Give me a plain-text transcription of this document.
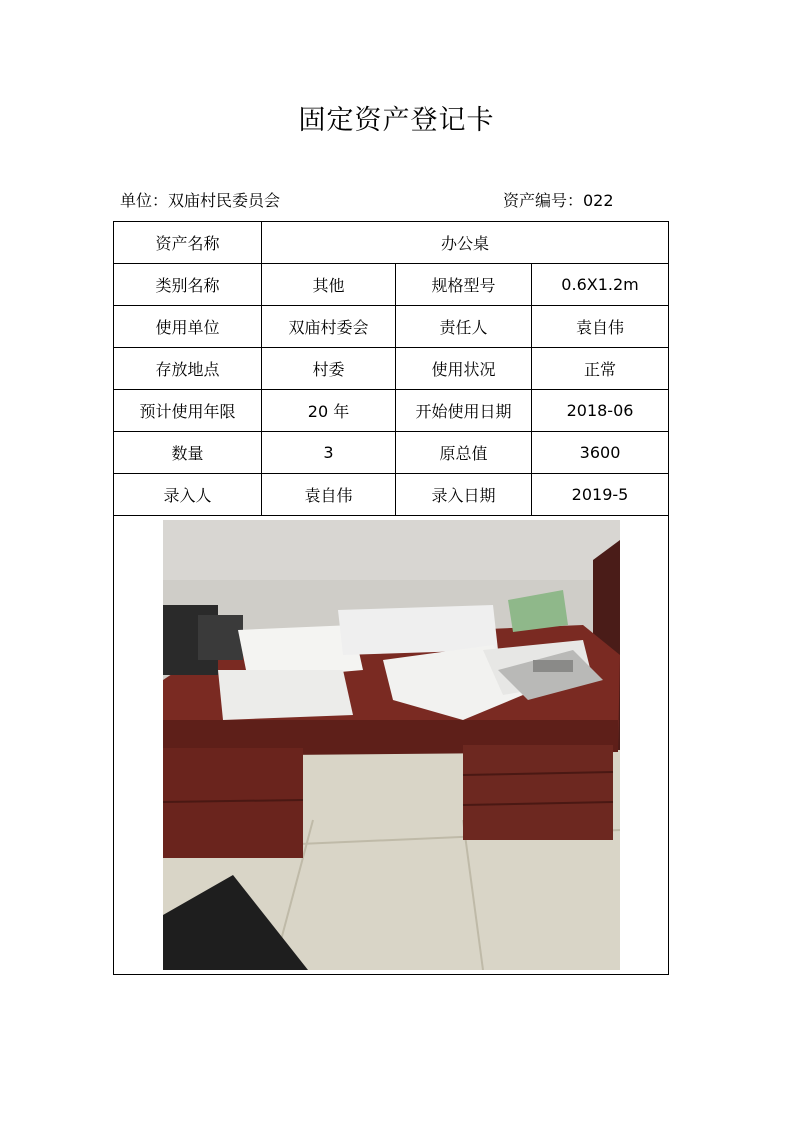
固定资产登记卡
单位：双庙村民委员会	资产编号：022
资产名称	办公桌		
类别名称	其他	规格型号	0.6X1.2m
使用单位	双庙村委会	责任人	袁自伟
存放地点	村委	使用状况	正常
预计使用年限	20 年	开始使用日期	2018-06
数量	3	原总值	3600
录入人	袁自伟	录入日期	2019-5
